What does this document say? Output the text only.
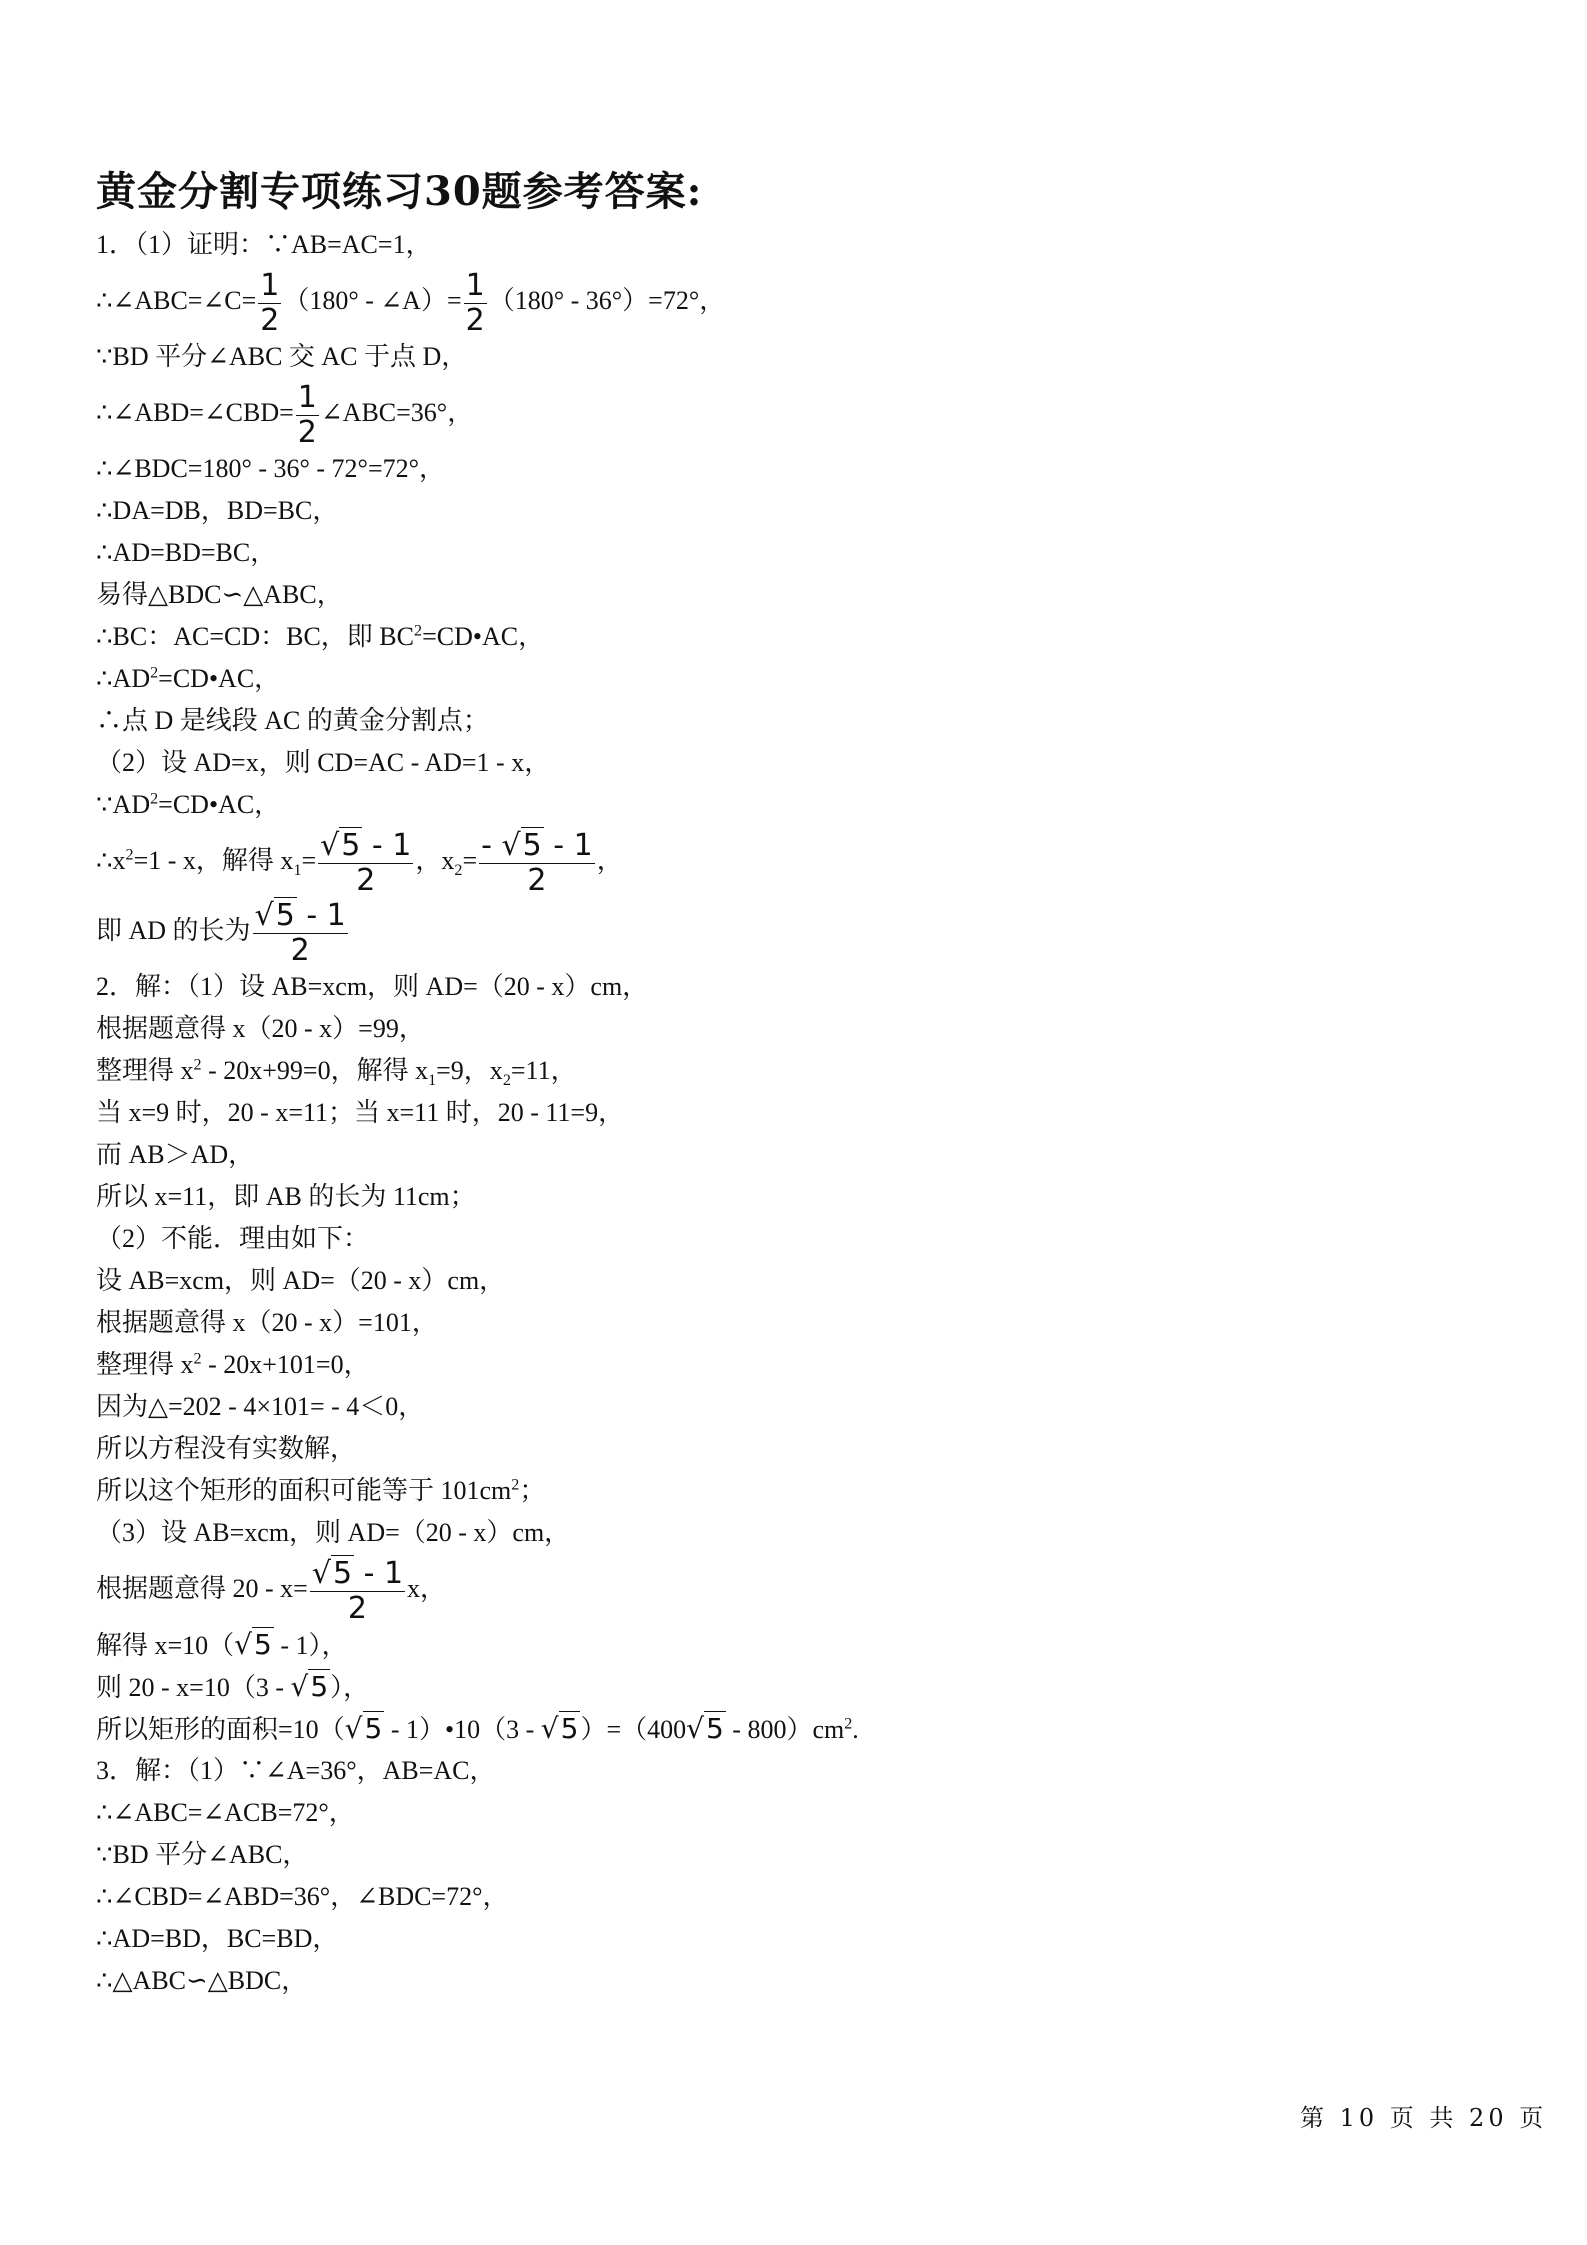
黄金分割专项练习30题参考答案:
1．（1）证明：∵AB=AC=1，
∴∠ABC=∠C= $\frac{1}{2} (180^\circ$ - ∠A）= $\frac{1}{2} (180^\circ - 36^\circ)=72^\circ$，
∵BD 平分∠ABC 交 AC 于点 D，
∴∠ABD=∠CBD= $\frac{1}{2}$ ∠ABC=36°，
∴∠BDC=180° - 36° - 72°=72°，
∴DA=DB，BD=BC，
∴AD=BD=BC，
易得△BDC∽△ABC，
∴BC：AC=CD：BC，即 $BC^2=CD•AC$，
$\therefore AD^2=CD•AC$，
∴点 D 是线段 AC 的黄金分割点；
（2）设 AD=x，则 CD=AC - AD=1 - x，
$\because AD^2=CD•AC$，
$\therefore x^2=1 - x$，解得 $x_1= \frac{√5 - 1}{2}$ ，$x_2= \frac{- √5 - 1}{2}$ ，
即 AD 的长为 $\frac{√5 - 1}{2}$
2．解：（1）设 AB=xcm，则 AD=（20 - x）cm，
根据题意得 x（20 - x）=99，
整理得 $x^2 - 20x+99=0$，解得 $x_1=9$，$x_2=11$，
当 x=9 时，20 - x=11；当 x=11 时，20 - 11=9，
而 AB＞AD，
所以 x=11，即 AB 的长为 11cm；
（2）不能．理由如下：
设 AB=xcm，则 AD=（20 - x）cm，
根据题意得 x（20 - x）=101，
整理得 $x^2 - 20x+101=0$，
因为△=202 - 4×101= - 4＜0，
所以方程没有实数解，
所以这个矩形的面积可能等于 $101cm^2$；
（3）设 AB=xcm，则 AD=（20 - x）cm，
根据题意得 $20 - x= \frac{√5 - 1}{2}$ x，
解得 x=10（√5 - 1），
则 20 - x=10（3 - √5），
所以矩形的面积=10（√5 - 1）•10（3 - $√5)=(400√5 - 800)cm^2$.
3．解：（1）∵∠A=36°，AB=AC，
∴∠ABC=∠ACB=72°，
∵BD 平分∠ABC，
∴∠CBD=∠ABD=36°，∠BDC=72°，
∴AD=BD，BC=BD，
∴△ABC∽△BDC，
第 10 页 共 20 页
